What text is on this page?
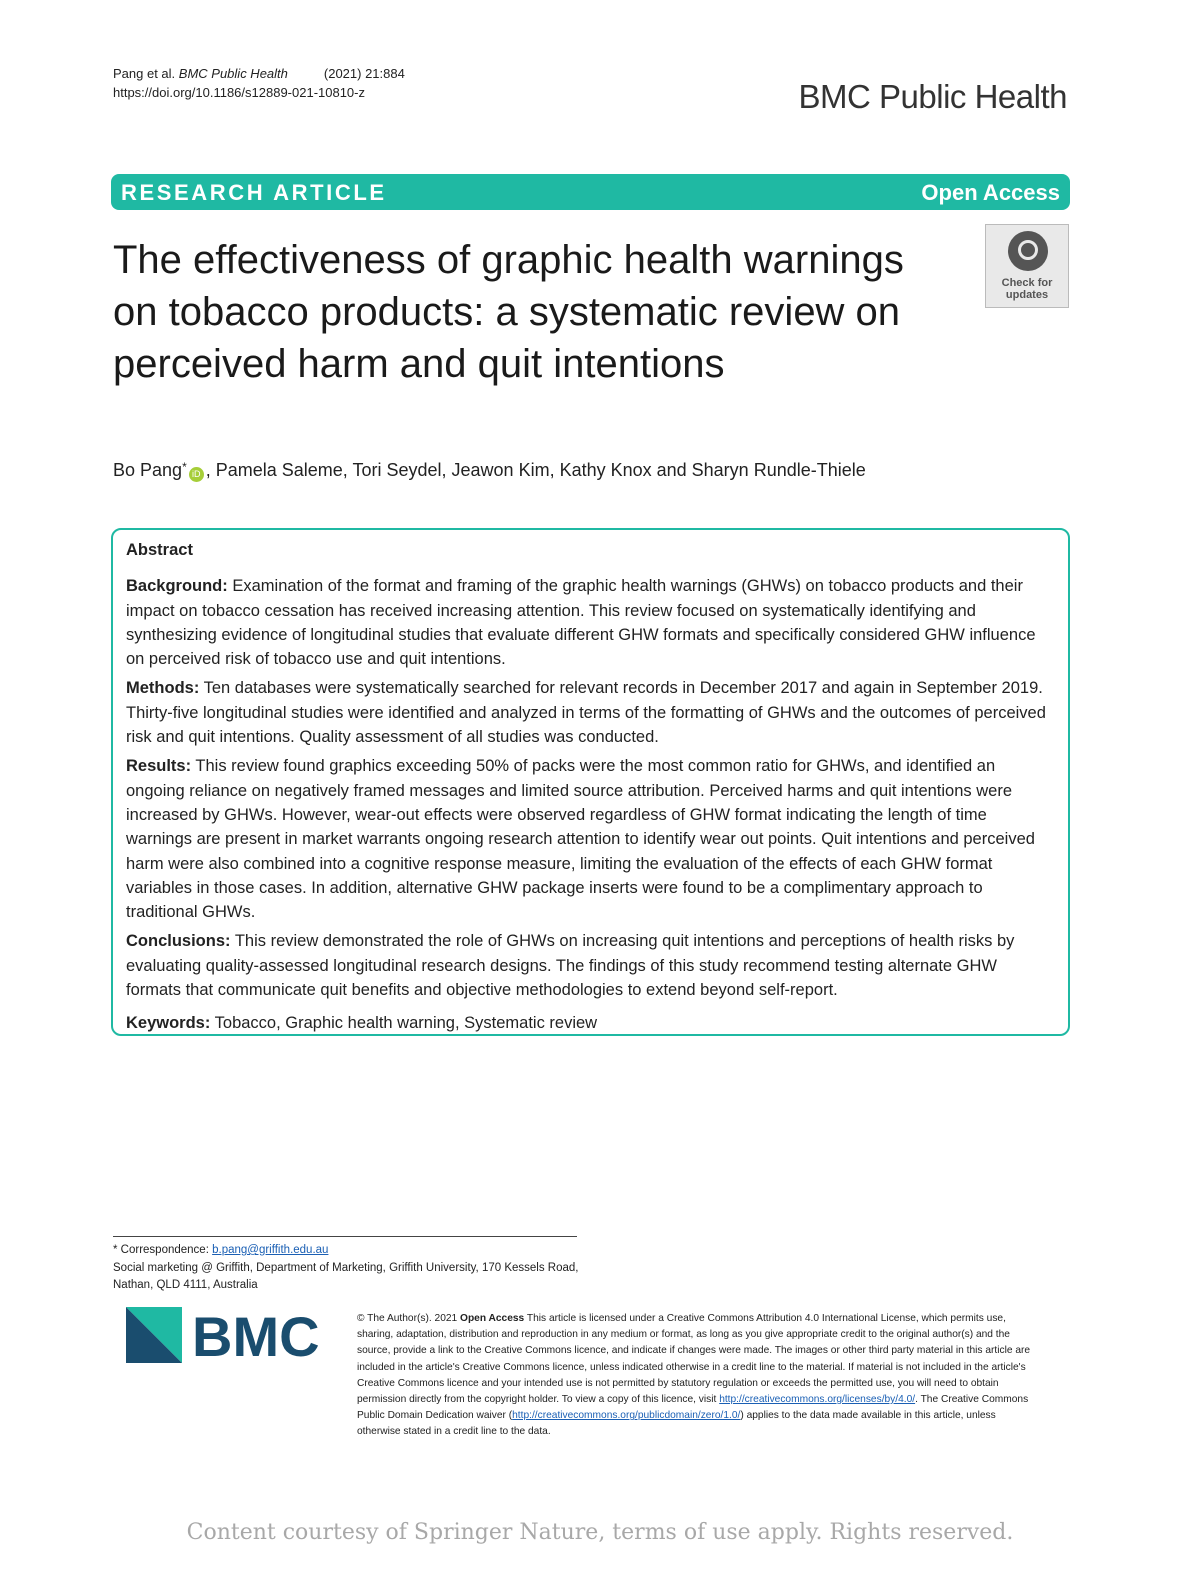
Pang et al. BMC Public Health	(2021) 21:884
https://doi.org/10.1186/s12889-021-10810-z	BMC Public Health
RESEARCH ARTICLE	Open Access
The effectiveness of graphic health warnings on tobacco products: a systematic review on perceived harm and quit intentions
Check for
updates
Bo Pang* iD , Pamela Saleme, Tori Seydel, Jeawon Kim, Kathy Knox and Sharyn Rundle-Thiele

Abstract

Background: Examination of the format and framing of the graphic health warnings (GHWs) on tobacco products and their impact on tobacco cessation has received increasing attention. This review focused on systematically identifying and synthesizing evidence of longitudinal studies that evaluate different GHW formats and specifically considered GHW influence on perceived risk of tobacco use and quit intentions.

Methods: Ten databases were systematically searched for relevant records in December 2017 and again in September 2019. Thirty-five longitudinal studies were identified and analyzed in terms of the formatting of GHWs and the outcomes of perceived risk and quit intentions. Quality assessment of all studies was conducted.

Results: This review found graphics exceeding 50% of packs were the most common ratio for GHWs, and identified an ongoing reliance on negatively framed messages and limited source attribution. Perceived harms and quit intentions were increased by GHWs. However, wear-out effects were observed regardless of GHW format indicating the length of time warnings are present in market warrants ongoing research attention to identify wear out points. Quit intentions and perceived harm were also combined into a cognitive response measure, limiting the evaluation of the effects of each GHW format variables in those cases. In addition, alternative GHW package inserts were found to be a complimentary approach to traditional GHWs.

Conclusions: This review demonstrated the role of GHWs on increasing quit intentions and perceptions of health risks by evaluating quality-assessed longitudinal research designs. The findings of this study recommend testing alternate GHW formats that communicate quit benefits and objective methodologies to extend beyond self-report.

Keywords: Tobacco, Graphic health warning, Systematic review

* Correspondence: b.pang@griffith.edu.au
Social marketing @ Griffith, Department of Marketing, Griffith University, 170 Kessels Road, Nathan, QLD 4111, Australia
BMC	© The Author(s). 2021 Open Access This article is licensed under a Creative Commons Attribution 4.0 International License, which permits use, sharing, adaptation, distribution and reproduction in any medium or format, as long as you give appropriate credit to the original author(s) and the source, provide a link to the Creative Commons licence, and indicate if changes were made. The images or other third party material in this article are included in the article's Creative Commons licence, unless indicated otherwise in a credit line to the material. If material is not included in the article's Creative Commons licence and your intended use is not permitted by statutory regulation or exceeds the permitted use, you will need to obtain permission directly from the copyright holder. To view a copy of this licence, visit http://creativecommons.org/licenses/by/4.0/. The Creative Commons Public Domain Dedication waiver (http://creativecommons.org/publicdomain/zero/1.0/) applies to the data made available in this article, unless otherwise stated in a credit line to the data.
Content courtesy of Springer Nature, terms of use apply. Rights reserved.
